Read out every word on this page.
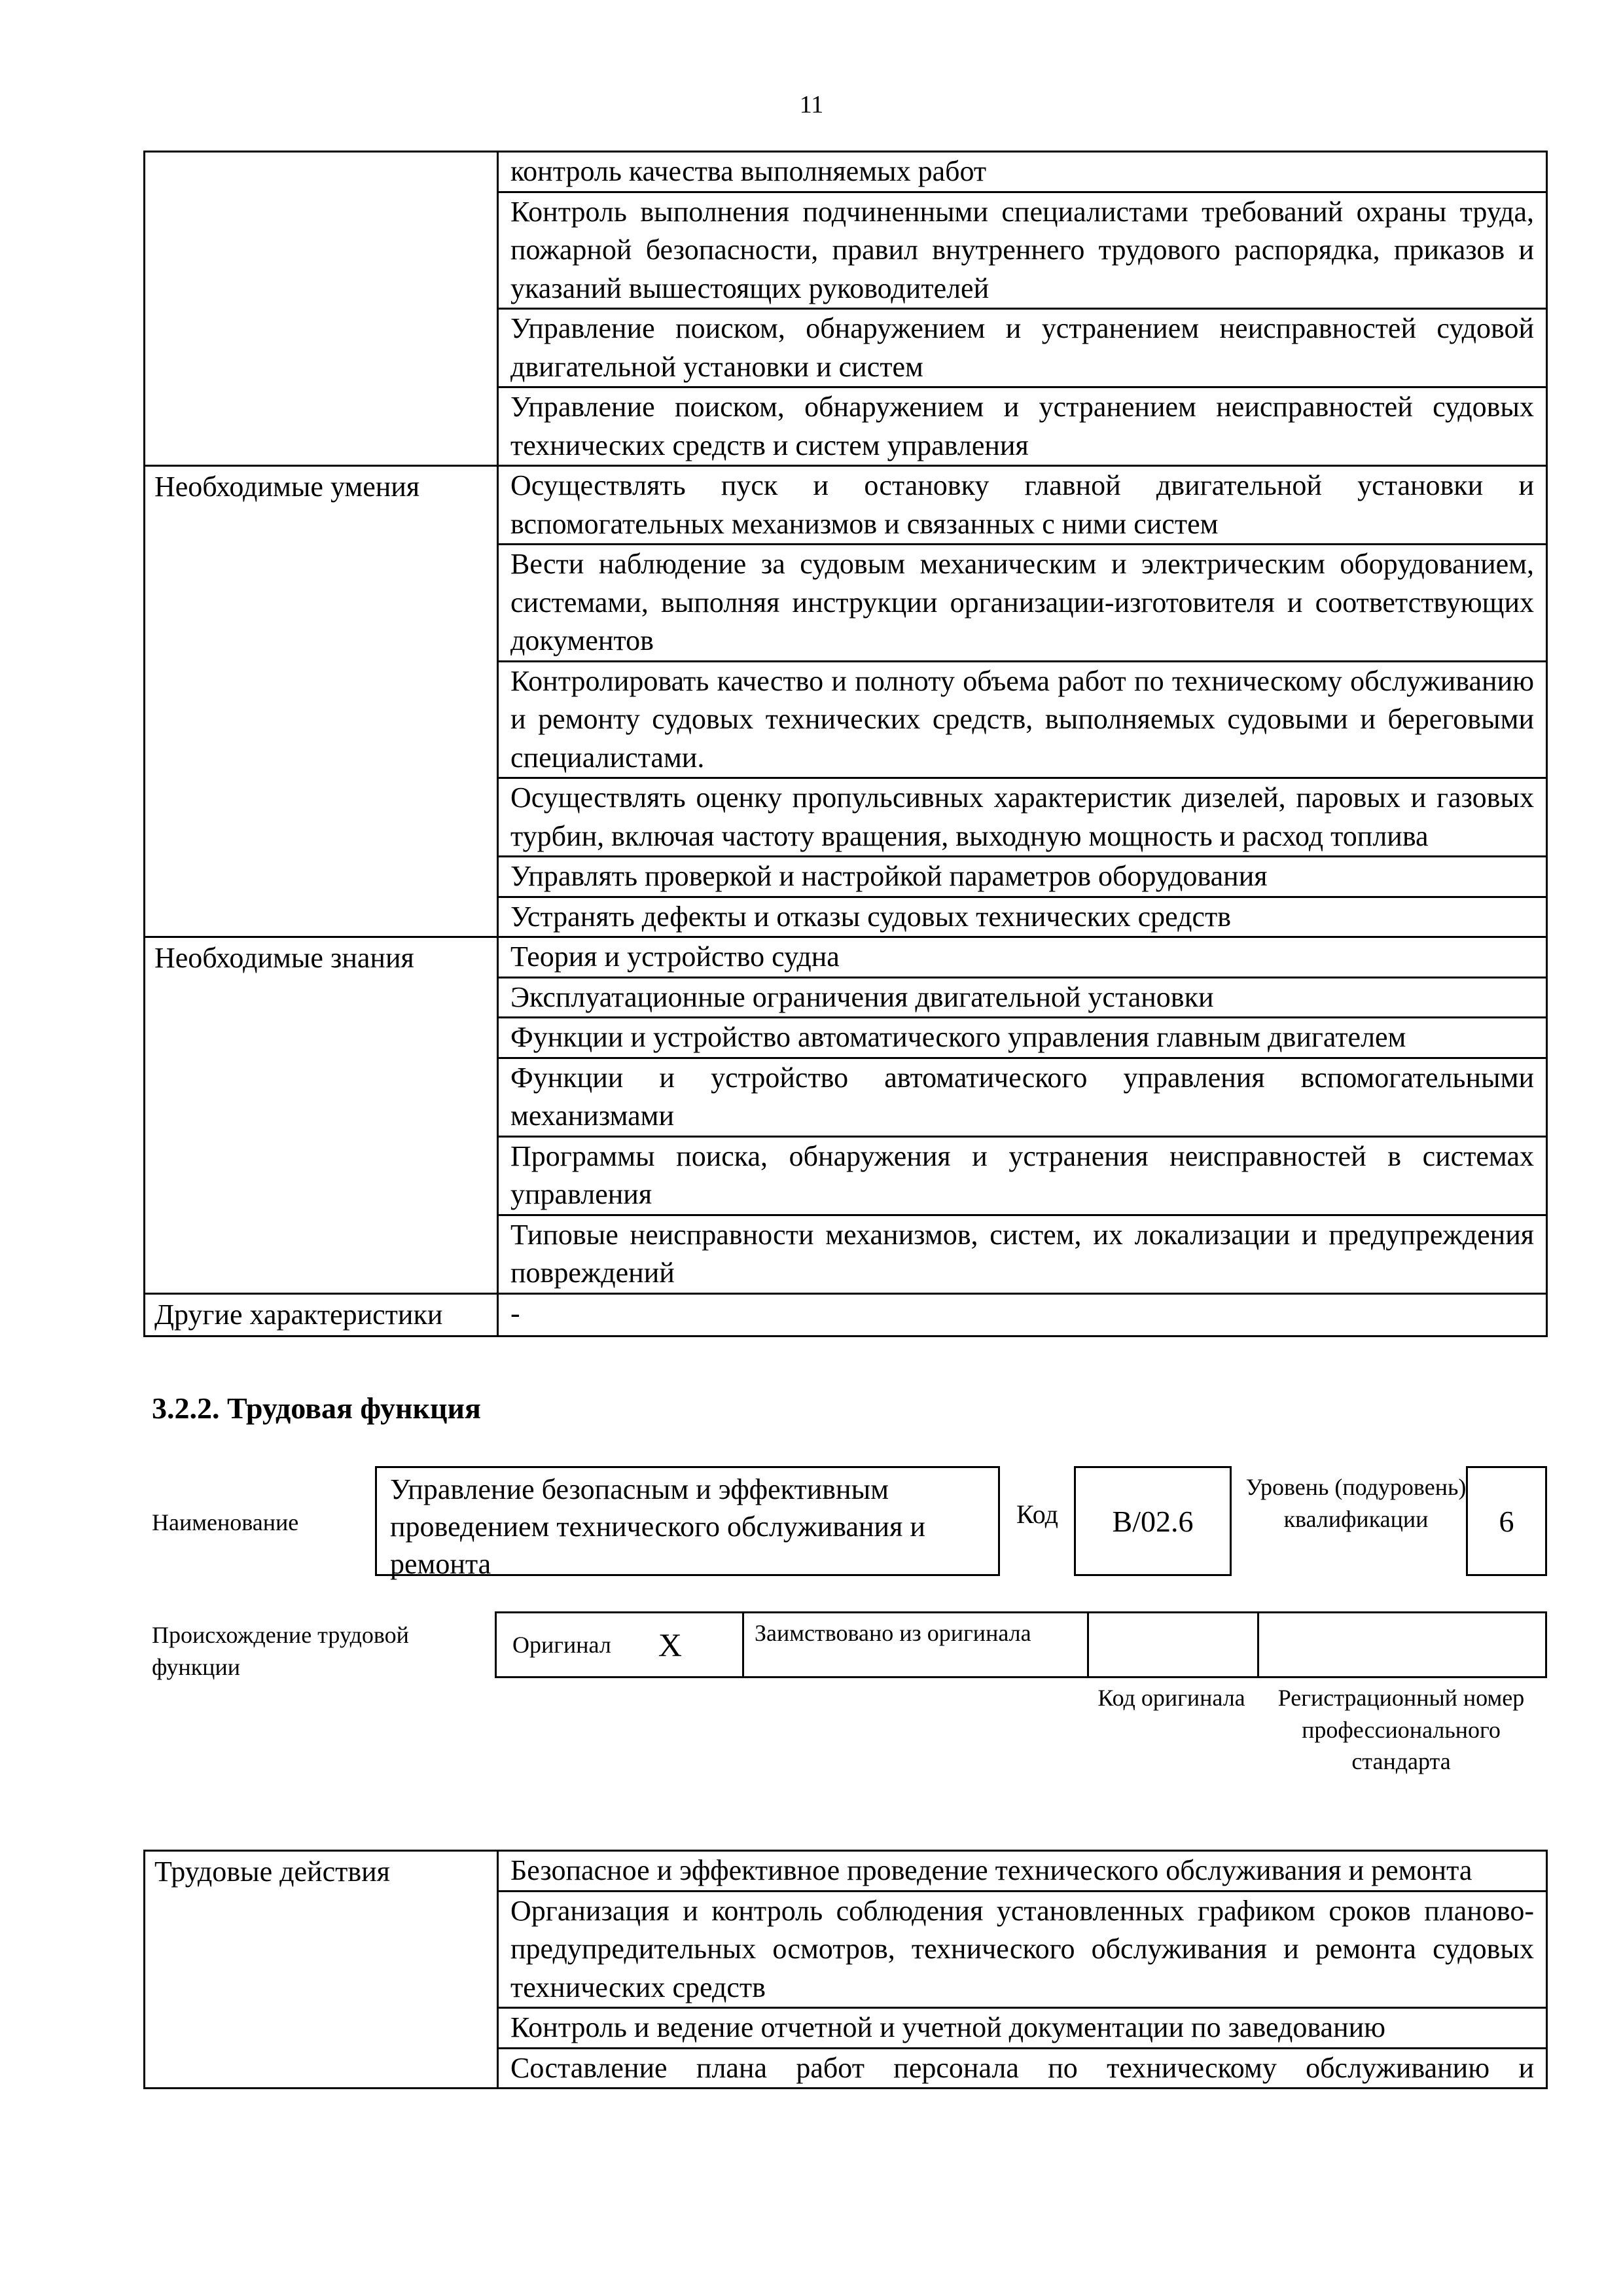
11
	контроль качества выполняемых работ
	Контроль выполнения подчиненными специалистами требований охраны труда, пожарной безопасности, правил внутреннего трудового распорядка, приказов и указаний вышестоящих руководителей
	Управление поиском, обнаружением и устранением неисправностей судовой двигательной установки и систем
	Управление поиском, обнаружением и устранением неисправностей судовых технических средств и систем управления
Необходимые умения	Осуществлять пуск и остановку главной двигательной установки и вспомогательных механизмов и связанных с ними систем
	Вести наблюдение за судовым механическим и электрическим оборудованием, системами, выполняя инструкции организации-изготовителя и соответствующих документов
	Контролировать качество и полноту объема работ по техническому обслуживанию и ремонту судовых технических средств, выполняемых судовыми и береговыми специалистами.
	Осуществлять оценку пропульсивных характеристик дизелей, паровых и газовых турбин, включая частоту вращения, выходную мощность и расход топлива
	Управлять проверкой и настройкой параметров оборудования
	Устранять дефекты и отказы судовых технических средств
Необходимые знания	Теория и устройство судна
	Эксплуатационные ограничения двигательной установки
	Функции и устройство автоматического управления главным двигателем
	Функции и устройство автоматического управления вспомогательными механизмами
	Программы поиска, обнаружения и устранения неисправностей в системах управления
	Типовые неисправности механизмов, систем, их локализации и предупреждения повреждений
Другие характеристики	-
3.2.2. Трудовая функция
Наименование
Управление безопасным и эффективным проведением технического обслуживания и ремонта
Код	B/02.6
Уровень (подуровень) квалификации	6
Происхождение трудовой функции
Оригинал X	Заимствовано из оригинала
Код оригинала	Регистрационный номер профессионального стандарта
Трудовые действия	Безопасное и эффективное проведение технического обслуживания и ремонта
Организация и контроль соблюдения установленных графиком сроков планово-предупредительных осмотров, технического обслуживания и ремонта судовых технических средств
Контроль и ведение отчетной и учетной документации по заведованию
Составление плана работ персонала по техническому обслуживанию и
